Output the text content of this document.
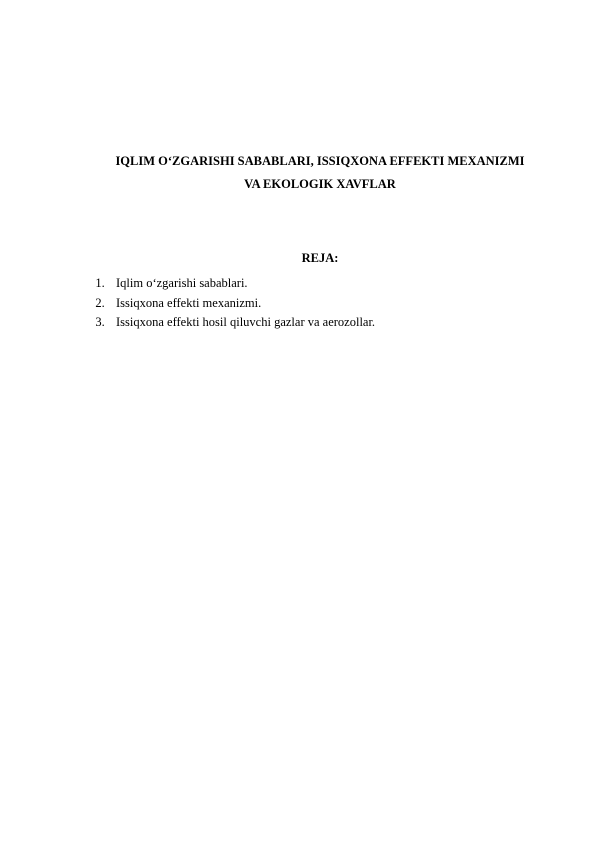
IQLIM O‘ZGARISHI SABABLARI, ISSIQXONA EFFEKTI MEXANIZMI
VA EKOLOGIK XAVFLAR
REJA:
1. Iqlim o‘zgarishi sabablari.
2. Issiqxona effekti mexanizmi.
3. Issiqxona effekti hosil qiluvchi gazlar va aerozollar.
